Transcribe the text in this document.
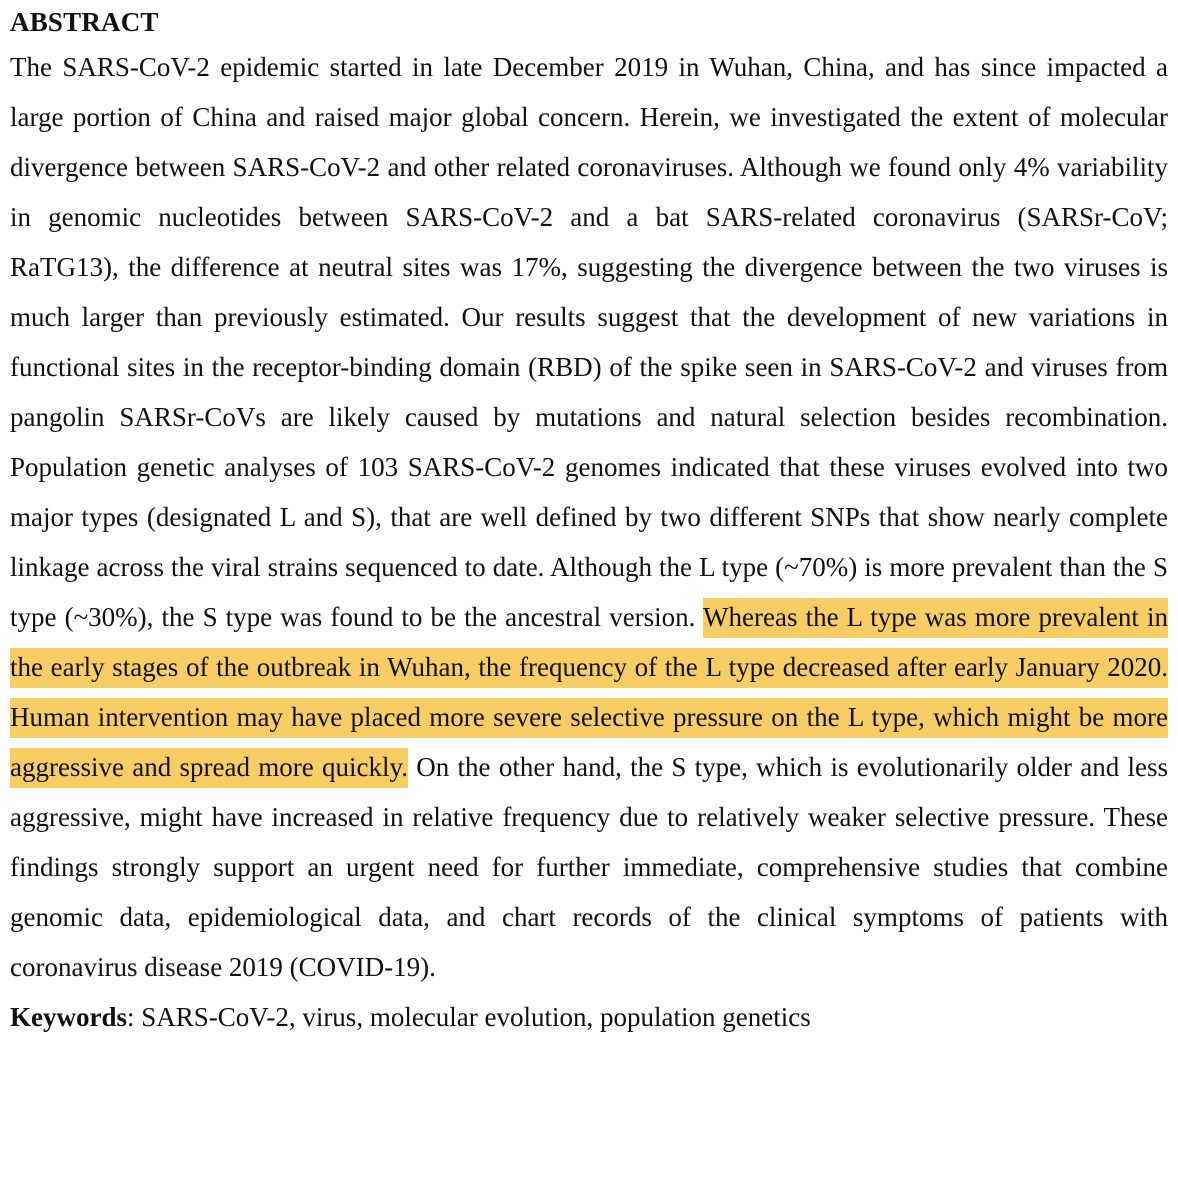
ABSTRACT

The SARS-CoV-2 epidemic started in late December 2019 in Wuhan, China, and has since impacted a large portion of China and raised major global concern. Herein, we investigated the extent of molecular divergence between SARS-CoV-2 and other related coronaviruses. Although we found only 4% variability in genomic nucleotides between SARS-CoV-2 and a bat SARS-related coronavirus (SARSr-CoV; RaTG13), the difference at neutral sites was 17%, suggesting the divergence between the two viruses is much larger than previously estimated. Our results suggest that the development of new variations in functional sites in the receptor-binding domain (RBD) of the spike seen in SARS-CoV-2 and viruses from pangolin SARSr-CoVs are likely caused by mutations and natural selection besides recombination. Population genetic analyses of 103 SARS-CoV-2 genomes indicated that these viruses evolved into two major types (designated L and S), that are well defined by two different SNPs that show nearly complete linkage across the viral strains sequenced to date. Although the L type (~70%) is more prevalent than the S type (~30%), the S type was found to be the ancestral version. Whereas the L type was more prevalent in the early stages of the outbreak in Wuhan, the frequency of the L type decreased after early January 2020. Human intervention may have placed more severe selective pressure on the L type, which might be more aggressive and spread more quickly. On the other hand, the S type, which is evolutionarily older and less aggressive, might have increased in relative frequency due to relatively weaker selective pressure. These findings strongly support an urgent need for further immediate, comprehensive studies that combine genomic data, epidemiological data, and chart records of the clinical symptoms of patients with coronavirus disease 2019 (COVID-19).

Keywords: SARS-CoV-2, virus, molecular evolution, population genetics
